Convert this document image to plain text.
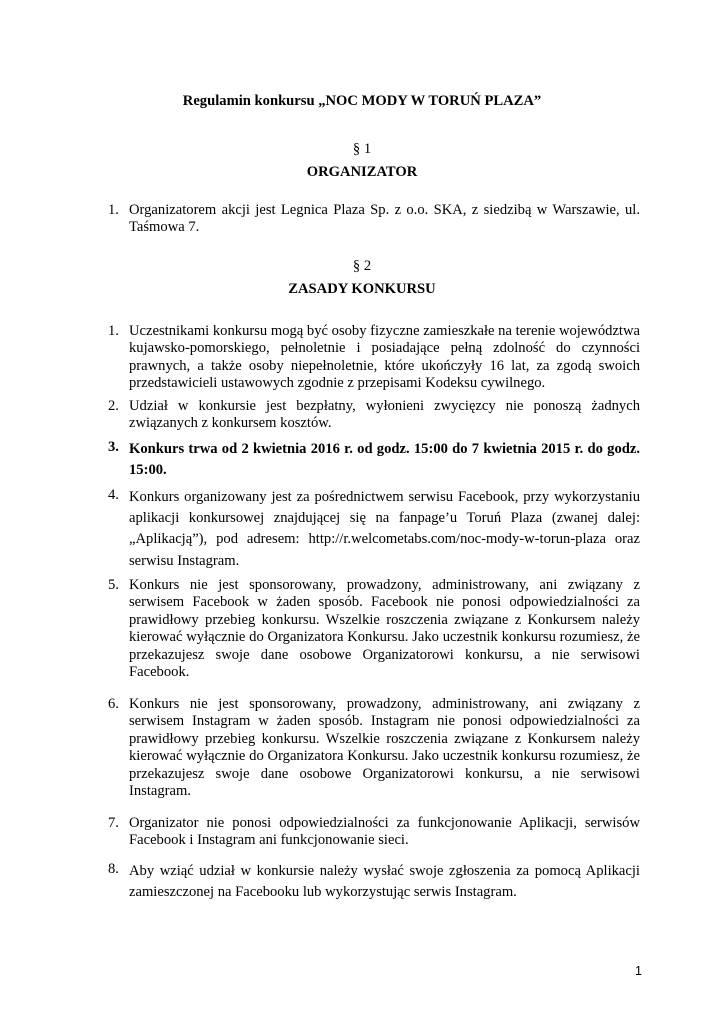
Regulamin konkursu „NOC MODY W TORUŃ PLAZA”

§ 1

ORGANIZATOR

1. Organizatorem akcji jest Legnica Plaza Sp. z o.o. SKA, z siedzibą w Warszawie, ul. Taśmowa 7.

§ 2

ZASADY KONKURSU

1. Uczestnikami konkursu mogą być osoby fizyczne zamieszkałe na terenie województwa kujawsko-pomorskiego, pełnoletnie i posiadające pełną zdolność do czynności prawnych, a także osoby niepełnoletnie, które ukończyły 16 lat, za zgodą swoich przedstawicieli ustawowych zgodnie z przepisami Kodeksu cywilnego.

2. Udział w konkursie jest bezpłatny, wyłonieni zwycięzcy nie ponoszą żadnych związanych z konkursem kosztów.

3. Konkurs trwa od 2 kwietnia 2016 r. od godz. 15:00 do 7 kwietnia 2015 r. do godz. 15:00.

4. Konkurs organizowany jest za pośrednictwem serwisu Facebook, przy wykorzystaniu aplikacji konkursowej znajdującej się na fanpage’u Toruń Plaza (zwanej dalej: „Aplikacją”), pod adresem: http://r.welcometabs.com/noc-mody-w-torun-plaza oraz serwisu Instagram.

5. Konkurs nie jest sponsorowany, prowadzony, administrowany, ani związany z serwisem Facebook w żaden sposób. Facebook nie ponosi odpowiedzialności za prawidłowy przebieg konkursu. Wszelkie roszczenia związane z Konkursem należy kierować wyłącznie do Organizatora Konkursu. Jako uczestnik konkursu rozumiesz, że przekazujesz swoje dane osobowe Organizatorowi konkursu, a nie serwisowi Facebook.

6. Konkurs nie jest sponsorowany, prowadzony, administrowany, ani związany z serwisem Instagram w żaden sposób. Instagram nie ponosi odpowiedzialności za prawidłowy przebieg konkursu. Wszelkie roszczenia związane z Konkursem należy kierować wyłącznie do Organizatora Konkursu. Jako uczestnik konkursu rozumiesz, że przekazujesz swoje dane osobowe Organizatorowi konkursu, a nie serwisowi Instagram.

7. Organizator nie ponosi odpowiedzialności za funkcjonowanie Aplikacji, serwisów Facebook i Instagram ani funkcjonowanie sieci.

8. Aby wziąć udział w konkursie należy wysłać swoje zgłoszenia za pomocą Aplikacji zamieszczonej na Facebooku lub wykorzystując serwis Instagram.

1
